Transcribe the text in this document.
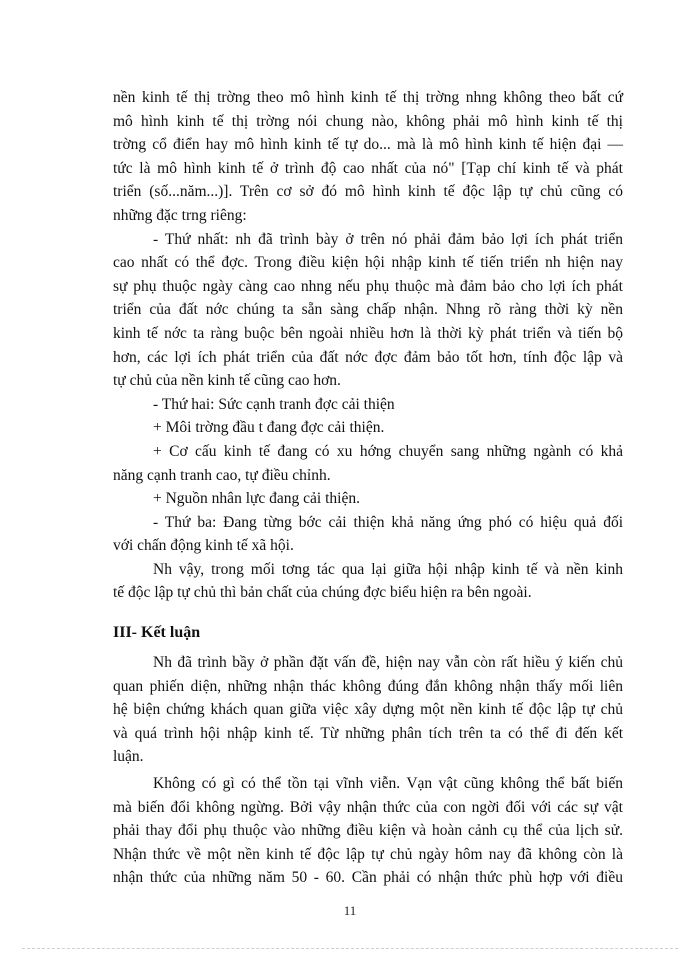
nền kinh tế thị trờng theo mô hình kinh tế thị trờng nhng không theo bất cứ
mô hình kinh tế thị trờng nói chung nào, không phải mô hình kinh tế thị
trờng cổ điển hay mô hình kinh tế tự do... mà là mô hình kinh tế hiện đại —
tức là mô hình kinh tế ở trình độ cao nhất của nó" [Tạp chí kinh tế và phát
triển (số...năm...)]. Trên cơ sở đó mô hình kinh tế độc lập tự chủ cũng có
những đặc trng riêng:

- Thứ nhất: nh đã trình bày ở trên nó phải đảm bảo lợi ích phát triển
cao nhất có thể đợc. Trong điều kiện hội nhập kinh tế tiến triển nh hiện nay
sự phụ thuộc ngày càng cao nhng nếu phụ thuộc mà đảm bảo cho lợi ích phát
triển của đất nớc chúng ta sẵn sàng chấp nhận. Nhng rõ ràng thời kỳ nền
kinh tế nớc ta ràng buộc bên ngoài nhiều hơn là thời kỳ phát triển và tiến bộ
hơn, các lợi ích phát triển của đất nớc đợc đảm bảo tốt hơn, tính độc lập và
tự chủ của nền kinh tế cũng cao hơn.

- Thứ hai: Sức cạnh tranh đợc cải thiện

+ Môi trờng đầu t đang đợc cải thiện.

+ Cơ cấu kinh tế đang có xu hớng chuyển sang những ngành có khả
năng cạnh tranh cao, tự điều chỉnh.

+ Nguồn nhân lực đang cải thiện.

- Thứ ba: Đang từng bớc cải thiện khả năng ứng phó có hiệu quả đối
với chấn động kinh tế xã hội.

Nh vậy, trong mối tơng tác qua lại giữa hội nhập kinh tế và nền kinh
tế độc lập tự chủ thì bản chất của chúng đợc biểu hiện ra bên ngoài.

III- Kết luận

Nh đã trình bầy ở phần đặt vấn đề, hiện nay vẫn còn rất hiều ý kiến chủ
quan phiến diện, những nhận thác không đúng đắn không nhận thấy mối liên
hệ biện chứng khách quan giữa việc xây dựng một nền kinh tế độc lập tự chủ
và quá trình hội nhập kinh tế. Từ những phân tích trên ta có thể đi đến kết
luận.

Không có gì có thể tồn tại vĩnh viễn. Vạn vật cũng không thể bất biến
mà biến đổi không ngừng. Bởi vậy nhận thức của con ngời đối với các sự vật
phải thay đổi phụ thuộc vào những điều kiện và hoàn cảnh cụ thể của lịch sử.
Nhận thức về một nền kinh tế độc lập tự chủ ngày hôm nay đã không còn là
nhận thức của những năm 50 - 60. Cần phải có nhận thức phù hợp với điều

11
